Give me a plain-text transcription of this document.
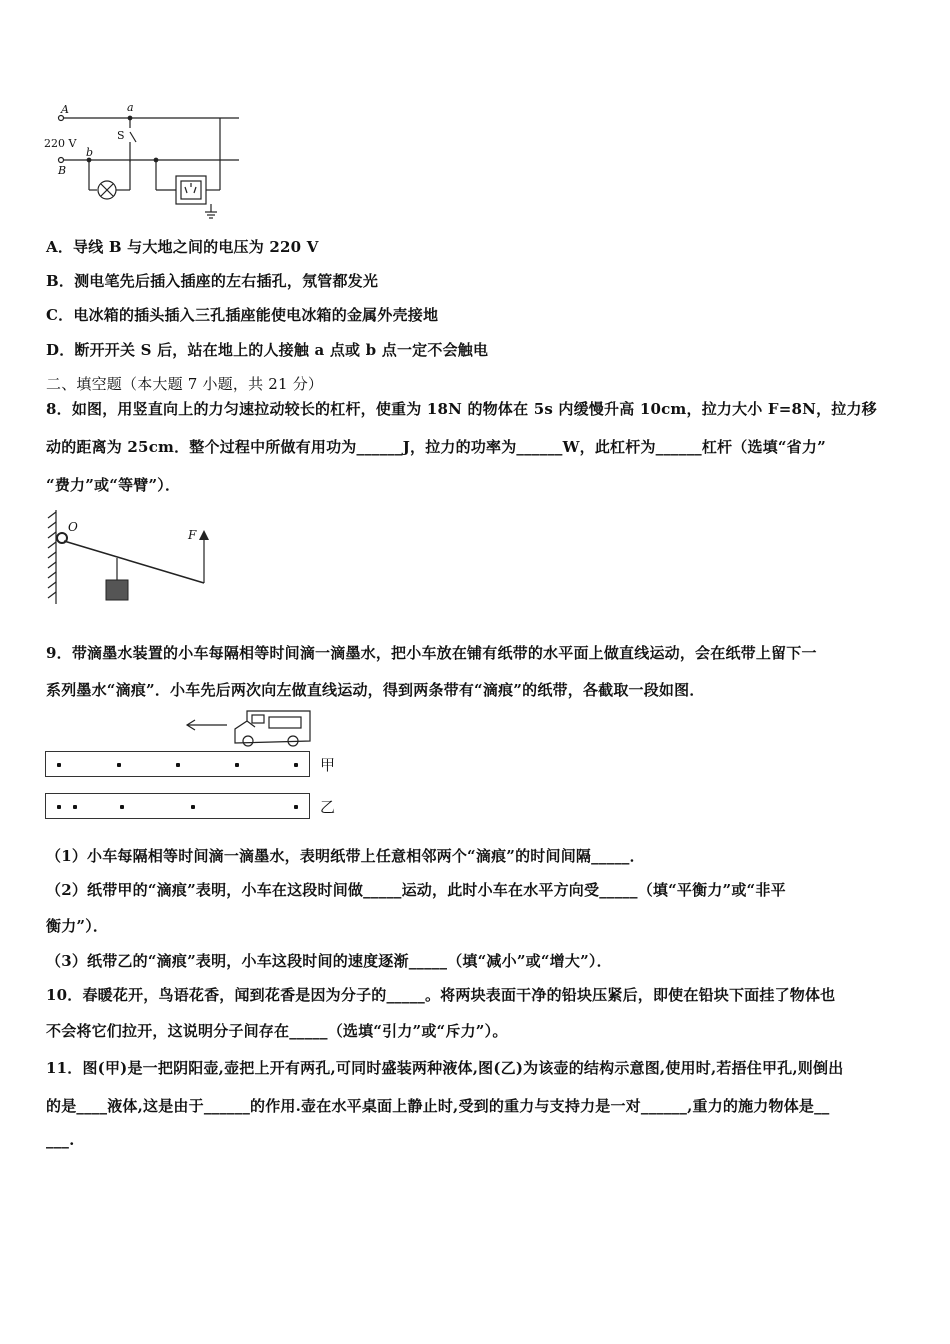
A	a
S
220 V
b
B
A．导线 B 与大地之间的电压为 220 V
B．测电笔先后插入插座的左右插孔，氖管都发光
C．电冰箱的插头插入三孔插座能使电冰箱的金属外壳接地
D．断开开关 S 后，站在地上的人接触 a 点或 b 点一定不会触电
二、填空题（本大题 7 小题，共 21 分）
8．如图，用竖直向上的力匀速拉动较长的杠杆，使重为 18N 的物体在 5s 内缓慢升高 10cm，拉力大小 F=8N，拉力移
动的距离为 25cm．整个过程中所做有用功为______J，拉力的功率为______W，此杠杆为______杠杆（选填“省力”
“费力”或“等臂”）．
O
F
9．带滴墨水装置的小车每隔相等时间滴一滴墨水，把小车放在铺有纸带的水平面上做直线运动，会在纸带上留下一
系列墨水“滴痕”．小车先后两次向左做直线运动，得到两条带有“滴痕”的纸带，各截取一段如图．
甲
乙
（1）小车每隔相等时间滴一滴墨水，表明纸带上任意相邻两个“滴痕”的时间间隔_____．
（2）纸带甲的“滴痕”表明，小车在这段时间做_____运动，此时小车在水平方向受_____（填“平衡力”或“非平
衡力”）．
（3）纸带乙的“滴痕”表明，小车这段时间的速度逐渐_____（填“减小”或“增大”）．
10．春暖花开，鸟语花香，闻到花香是因为分子的_____。将两块表面干净的铅块压紧后，即使在铅块下面挂了物体也
不会将它们拉开，这说明分子间存在_____（选填“引力”或“斥力”）。
11．图(甲)是一把阴阳壶,壶把上开有两孔,可同时盛装两种液体,图(乙)为该壶的结构示意图,使用时,若捂住甲孔,则倒出
的是____液体,这是由于______的作用.壶在水平桌面上静止时,受到的重力与支持力是一对______,重力的施力物体是__
___.
